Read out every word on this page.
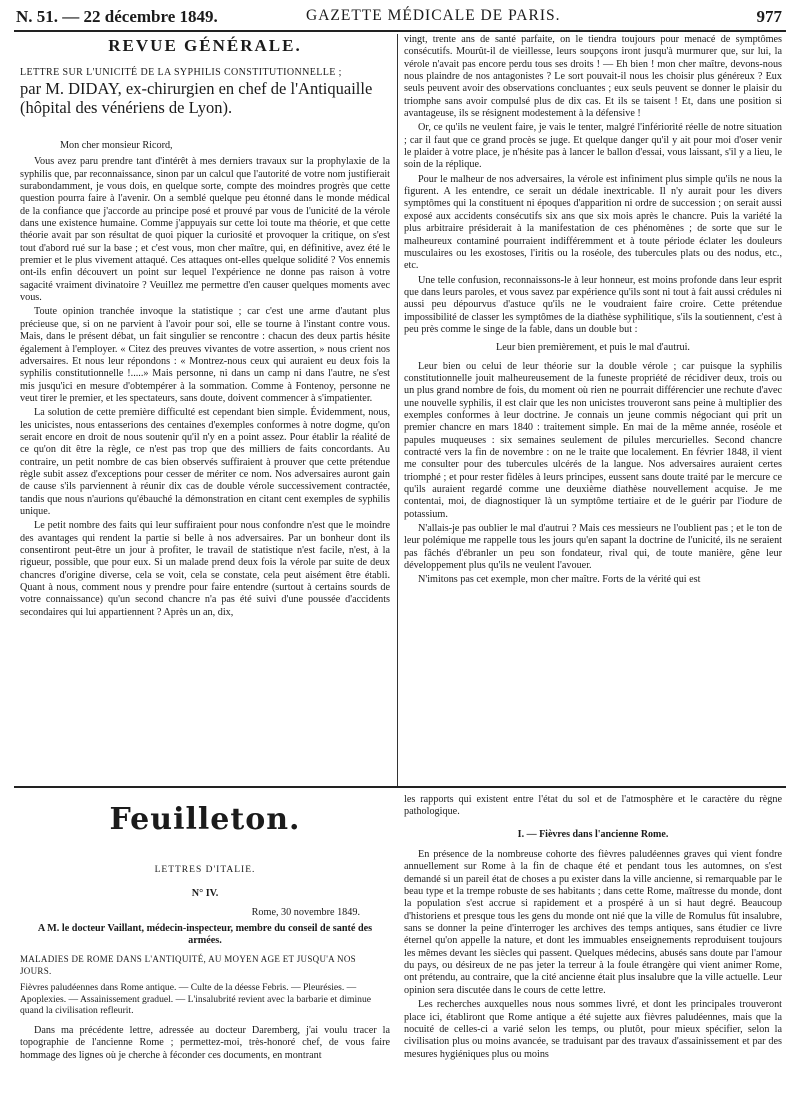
N. 51. — 22 décembre 1849.	GAZETTE MÉDICALE DE PARIS.	977
REVUE GÉNÉRALE.
LETTRE SUR L'UNICITÉ DE LA SYPHILIS CONSTITUTIONNELLE ;
par M. DIDAY, ex-chirurgien en chef de l'Antiquaille (hôpital des vénériens de Lyon).

Mon cher monsieur Ricord,

Vous avez paru prendre tant d'intérêt à mes derniers travaux sur la prophylaxie de la syphilis que, par reconnaissance, sinon par un calcul que l'autorité de votre nom justifierait surabondamment, je vous dois, en quelque sorte, compte des moindres progrès que cette question pourra faire à l'avenir. On a semblé quelque peu étonné dans le monde médical de la confiance que j'accorde au principe posé et prouvé par vous de l'unicité de la vérole dans une existence humaine. Comme j'appuyais sur cette loi toute ma théorie, et que cette théorie avait par son résultat de quoi piquer la curiosité et provoquer la critique, on s'est tout d'abord rué sur la base ; et c'est vous, mon cher maître, qui, en définitive, avez été le premier et le plus vivement attaqué. Ces attaques ont-elles quelque solidité ? Vos ennemis ont-ils enfin découvert un point sur lequel l'expérience ne donne pas raison à votre sagacité vraiment divinatoire ? Veuillez me permettre d'en causer quelques moments avec vous.

Toute opinion tranchée invoque la statistique ; car c'est une arme d'autant plus précieuse que, si on ne parvient à l'avoir pour soi, elle se tourne à l'instant contre vous. Mais, dans le présent débat, un fait singulier se rencontre : chacun des deux partis hésite également à l'employer. « Citez des preuves vivantes de votre assertion, » nous crient nos adversaires. Et nous leur répondons : « Montrez-nous ceux qui auraient eu deux fois la syphilis constitutionnelle !.....» Mais personne, ni dans un camp ni dans l'autre, ne s'est mis jusqu'ici en mesure d'obtempérer à la sommation. Comme à Fontenoy, personne ne veut tirer le premier, et les spectateurs, sans doute, doivent commencer à s'impatienter.

La solution de cette première difficulté est cependant bien simple. Évidemment, nous, les unicistes, nous entasserions des centaines d'exemples conformes à notre dogme, qu'on serait encore en droit de nous soutenir qu'il n'y en a point assez. Pour établir la réalité de ce qu'on dit être la règle, ce n'est pas trop que des milliers de faits concordants. Au contraire, un petit nombre de cas bien observés suffiraient à prouver que cette prétendue règle subit assez d'exceptions pour cesser de mériter ce nom. Nos adversaires auront gain de cause s'ils parviennent à réunir dix cas de double vérole successivement contractée, tandis que nous n'aurions qu'ébauché la démonstration en citant cent exemples de syphilis unique.

Le petit nombre des faits qui leur suffiraient pour nous confondre n'est que le moindre des avantages qui rendent la partie si belle à nos adversaires. Par un bonheur dont ils consentiront peut-être un jour à profiter, le travail de statistique n'est facile, n'est, à la rigueur, possible, que pour eux. Si un malade prend deux fois la vérole par suite de deux chancres d'origine diverse, cela se voit, cela se constate, cela peut aisément être établi. Quant à nous, comment nous y prendre pour faire entendre (surtout à certains sourds de votre connaissance) qu'un second chancre n'a pas été suivi d'une poussée d'accidents secondaires qui lui appartiennent ? Après un an, dix,

vingt, trente ans de santé parfaite, on le tiendra toujours pour menacé de symptômes consécutifs. Mourût-il de vieillesse, leurs soupçons iront jusqu'à murmurer que, sur lui, la vérole n'avait pas encore perdu tous ses droits ! — Eh bien ! mon cher maître, devons-nous nous plaindre de nos antagonistes ? Le sort pouvait-il nous les choisir plus généreux ? Eux seuls peuvent avoir des observations concluantes ; eux seuls peuvent se donner le plaisir du triomphe sans avoir compulsé plus de dix cas. Et ils se taisent ! Et, dans une position si avantageuse, ils se résignent modestement à la défensive !

Or, ce qu'ils ne veulent faire, je vais le tenter, malgré l'infériorité réelle de notre situation ; car il faut que ce grand procès se juge. Et quelque danger qu'il y ait pour moi d'oser venir le plaider à votre place, je n'hésite pas à lancer le ballon d'essai, vous laissant, s'il y a lieu, le soin de la réplique.

Pour le malheur de nos adversaires, la vérole est infiniment plus simple qu'ils ne nous la figurent. A les entendre, ce serait un dédale inextricable. Il n'y aurait pour les divers symptômes qui la constituent ni époques d'apparition ni ordre de succession ; on serait aussi exposé aux accidents consécutifs six ans que six mois après le chancre. Puis la variété la plus arbitraire présiderait à la manifestation de ces phénomènes ; de sorte que sur le malheureux contaminé pourraient indifféremment et à toute période éclater les douleurs musculaires ou les exostoses, l'iritis ou la roséole, des tubercules plats ou des nodus, etc., etc.

Une telle confusion, reconnaissons-le à leur honneur, est moins profonde dans leur esprit que dans leurs paroles, et vous savez par expérience qu'ils sont ni tout à fait aussi crédules ni aussi peu dépourvus d'astuce qu'ils ne le voudraient faire croire. Cette prétendue impossibilité de classer les symptômes de la diathèse syphilitique, s'ils la soutiennent, c'est à peu près comme le singe de la fable, dans un double but :

Leur bien premièrement, et puis le mal d'autrui.

Leur bien ou celui de leur théorie sur la double vérole ; car puisque la syphilis constitutionnelle jouit malheureusement de la funeste propriété de récidiver deux, trois ou un plus grand nombre de fois, du moment où rien ne pourrait différencier une rechute d'avec une nouvelle syphilis, il est clair que les non unicistes trouveront sans peine à multiplier des exemples conformes à leur doctrine. Je connais un jeune commis négociant qui prit un premier chancre en mars 1840 : traitement simple. En mai de la même année, roséole et papules muqueuses : six semaines seulement de pilules mercurielles. Second chancre contracté vers la fin de novembre : on ne le traite que localement. En février 1848, il vient me consulter pour des tubercules ulcérés de la langue. Nos adversaires auraient certes triomphé ; et pour rester fidèles à leurs principes, eussent sans doute traité par le mercure ce qu'ils auraient regardé comme une deuxième diathèse nouvellement acquise. Je me contentai, moi, de diagnostiquer là un symptôme tertiaire et de le guérir par l'iodure de potassium.

N'allais-je pas oublier le mal d'autrui ? Mais ces messieurs ne l'oublient pas ; et le ton de leur polémique me rappelle tous les jours qu'en sapant la doctrine de l'unicité, ils ne seraient pas fâchés d'ébranler un peu son fondateur, rival qui, de toute manière, gêne leur développement plus qu'ils ne veulent l'avouer.

N'imitons pas cet exemple, mon cher maître. Forts de la vérité qui est

Feuilleton.
LETTRES D'ITALIE.
N° IV.
Rome, 30 novembre 1849.
A M. le docteur Vaillant, médecin-inspecteur, membre du conseil de santé des armées.
MALADIES DE ROME DANS L'ANTIQUITÉ, AU MOYEN AGE ET JUSQU'A NOS JOURS.
Fièvres paludéennes dans Rome antique. — Culte de la déesse Febris. — Pleurésies. — Apoplexies. — Assainissement graduel. — L'insalubrité revient avec la barbarie et diminue quand la civilisation refleurit.
Dans ma précédente lettre, adressée au docteur Daremberg, j'ai voulu tracer la topographie de l'ancienne Rome ; permettez-moi, très-honoré chef, de vous faire hommage des lignes où je cherche à féconder ces documents, en montrant

les rapports qui existent entre l'état du sol et de l'atmosphère et le caractère du règne pathologique.

I. — Fièvres dans l'ancienne Rome.

En présence de la nombreuse cohorte des fièvres paludéennes graves qui vient fondre annuellement sur Rome à la fin de chaque été et pendant tous les automnes, on s'est demandé si un pareil état de choses a pu exister dans la ville ancienne, si remarquable par le beau type et la trempe robuste de ses habitants ; dans cette Rome, maîtresse du monde, dont la population s'est accrue si rapidement et a prospéré à un si haut degré. Beaucoup d'historiens et presque tous les gens du monde ont nié que la ville de Romulus fût insalubre, sans se donner la peine d'interroger les archives des temps antiques, sans étudier ce livre éternel qu'on appelle la nature, et dont les immuables enseignements reproduisent toujours les mêmes devant les siècles qui passent. Quelques médecins, abusés sans doute par l'amour du pays, ou désireux de ne pas jeter la terreur à la foule étrangère qui vient animer Rome, ont prétendu, au contraire, que la cité ancienne était plus insalubre que la ville actuelle. Leur opinion sera discutée dans le cours de cette lettre.

Les recherches auxquelles nous nous sommes livré, et dont les principales trouveront place ici, établiront que Rome antique a été sujette aux fièvres paludéennes, mais que la nocuité de celles-ci a varié selon les temps, ou plutôt, pour mieux spécifier, selon la civilisation plus ou moins avancée, se traduisant par des travaux d'assainissement et par des mesures hygiéniques plus ou moins
